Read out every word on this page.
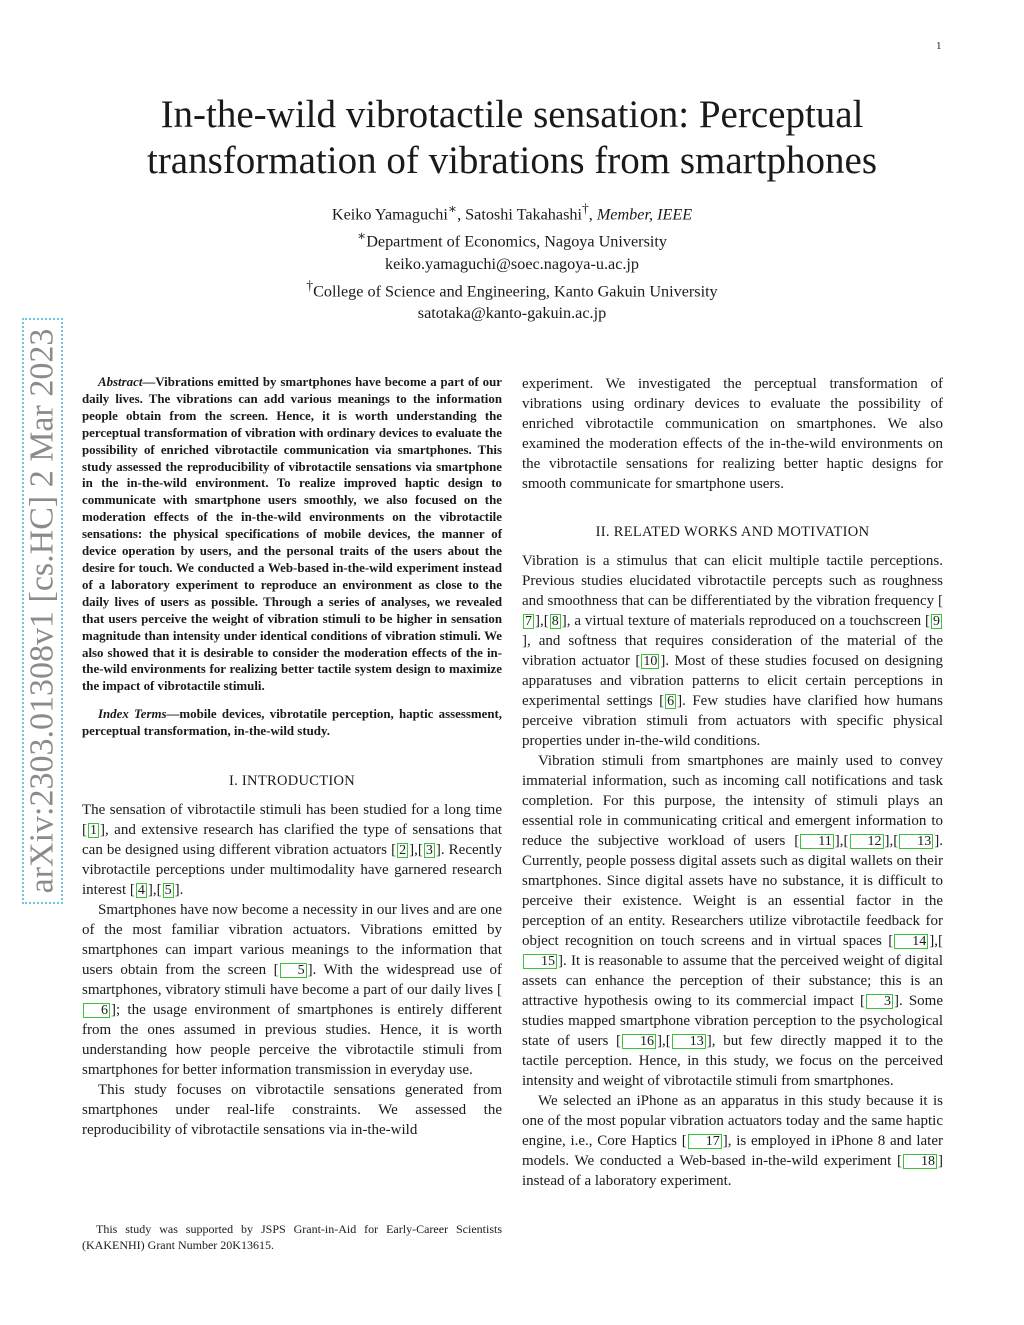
1
In-the-wild vibrotactile sensation: Perceptual
transformation of vibrations from smartphones
Keiko Yamaguchi∗, Satoshi Takahashi†, Member, IEEE
∗Department of Economics, Nagoya University
keiko.yamaguchi@soec.nagoya-u.ac.jp
†College of Science and Engineering, Kanto Gakuin University
satotaka@kanto-gakuin.ac.jp
arXiv:2303.01308v1 [cs.HC] 2 Mar 2023	Abstract—Vibrations emitted by smartphones have become a part of our daily lives. The vibrations can add various meanings to the information people obtain from the screen. Hence, it is worth understanding the perceptual transformation of vibration with ordinary devices to evaluate the possibility of enriched vibrotactile communication via smartphones. This study assessed the reproducibility of vibrotactile sensations via smartphone in the in-the-wild environment. To realize improved haptic design to communicate with smartphone users smoothly, we also focused on the moderation effects of the in-the-wild environments on the vibrotactile sensations: the physical specifications of mobile devices, the manner of device operation by users, and the personal traits of the users about the desire for touch. We conducted a Web-based in-the-wild experiment instead of a laboratory experiment to reproduce an environment as close to the daily lives of users as possible. Through a series of analyses, we revealed that users perceive the weight of vibration stimuli to be higher in sensation magnitude than intensity under identical conditions of vibration stimuli. We also showed that it is desirable to consider the moderation effects of the in-the-wild environments for realizing better tactile system design to maximize the impact of vibrotactile stimuli.

Index Terms—mobile devices, vibrotatile perception, haptic assessment, perceptual transformation, in-the-wild study.

I. INTRODUCTION

The sensation of vibrotactile stimuli has been studied for a long time [ 1 ], and extensive research has clarified the type of sensations that can be designed using different vibration actuators [ 2 ],[ 3 ]. Recently vibrotactile perceptions under multimodality have garnered research interest [ 4 ],[ 5 ].

Smartphones have now become a necessity in our lives and are one of the most familiar vibration actuators. Vibrations emitted by smartphones can impart various meanings to the information that users obtain from the screen [ 5 ]. With the widespread use of smartphones, vibratory stimuli have become a part of our daily lives [6 ]; the usage environment of smartphones is entirely different from the ones assumed in previous studies. Hence, it is worth understanding how people perceive the vibrotactile stimuli from smartphones for better information transmission in everyday use.

This study focuses on vibrotactile sensations generated from smartphones under real-life constraints. We assessed the reproducibility of vibrotactile sensations via in-the-wild

This study was supported by JSPS Grant-in-Aid for Early-Career Scientists (KAKENHI) Grant Number 20K13615.

experiment. We investigated the perceptual transformation of vibrations using ordinary devices to evaluate the possibility of enriched vibrotactile communication on smartphones. We also examined the moderation effects of the in-the-wild environments on the vibrotactile sensations for realizing better haptic designs for smooth communicate for smartphone users.

II. RELATED WORKS AND MOTIVATION

Vibration is a stimulus that can elicit multiple tactile perceptions. Previous studies elucidated vibrotactile percepts such as roughness and smoothness that can be differentiated by the vibration frequency [7 ],[ 8 ], a virtual texture of materials reproduced on a touchscreen [ 9], and softness that requires consideration of the material of the vibration actuator [ 10 ]. Most of these studies focused on designing apparatuses and vibration patterns to elicit certain perceptions in experimental settings [ 6 ]. Few studies have clarified how humans perceive vibration stimuli from actuators with specific physical properties under in-the-wild conditions.

Vibration stimuli from smartphones are mainly used to convey immaterial information, such as incoming call notifications and task completion. For this purpose, the intensity of stimuli plays an essential role in communicating critical and emergent information to reduce the subjective workload of users [ 11 ],[ 12 ],[ 13 ]. Currently, people possess digital assets such as digital wallets on their smartphones. Since digital assets have no substance, it is difficult to perceive their existence. Weight is an essential factor in the perception of an entity. Researchers utilize vibrotactile feedback for object recognition on touch screens and in virtual spaces [ 14 ],[15 ]. It is reasonable to assume that the perceived weight of digital assets can enhance the perception of their substance; this is an attractive hypothesis owing to its commercial impact [ 3 ]. Some studies mapped smartphone vibration perception to the psychological state of users [ 16 ],[ 13 ], but few directly mapped it to the tactile perception. Hence, in this study, we focus on the perceived intensity and weight of vibrotactile stimuli from smartphones.

We selected an iPhone as an apparatus in this study because it is one of the most popular vibration actuators today and the same haptic engine, i.e., Core Haptics [ 17 ], is employed in iPhone 8 and later models. We conducted a Web-based in-the-wild experiment [ 18 ] instead of a laboratory experiment.
